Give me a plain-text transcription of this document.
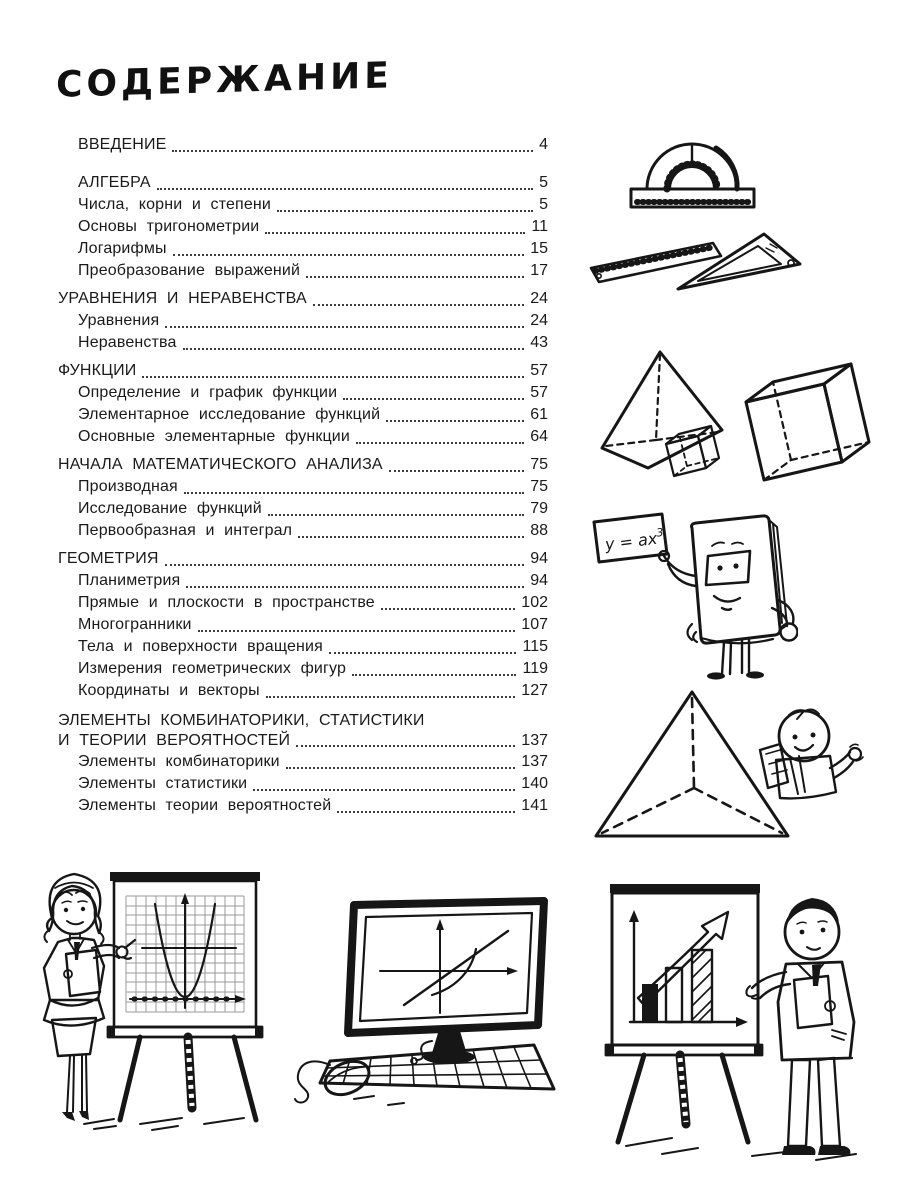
СОДЕРЖАНИЕ
ВВЕДЕНИЕ	4
АЛГЕБРА	5
Числа, корни и степени	5
Основы тригонометрии	11
Логарифмы	15
Преобразование выражений	17
УРАВНЕНИЯ И НЕРАВЕНСТВА	24
Уравнения	24
Неравенства	43
ФУНКЦИИ	57
Определение и график функции	57
Элементарное исследование функций	61
Основные элементарные функции	64
НАЧАЛА МАТЕМАТИЧЕСКОГО АНАЛИЗА	75
Производная	75
Исследование функций	79
Первообразная и интеграл	88
ГЕОМЕТРИЯ	94
Планиметрия	94
Прямые и плоскости в пространстве	102
Многогранники	107
Тела и поверхности вращения	115
Измерения геометрических фигур	119
Координаты и векторы	127
ЭЛЕМЕНТЫ КОМБИНАТОРИКИ, СТАТИСТИКИ
И ТЕОРИИ ВЕРОЯТНОСТЕЙ	137
Элементы комбинаторики	137
Элементы статистики	140
Элементы теории вероятностей	141
$y = ax^3$
